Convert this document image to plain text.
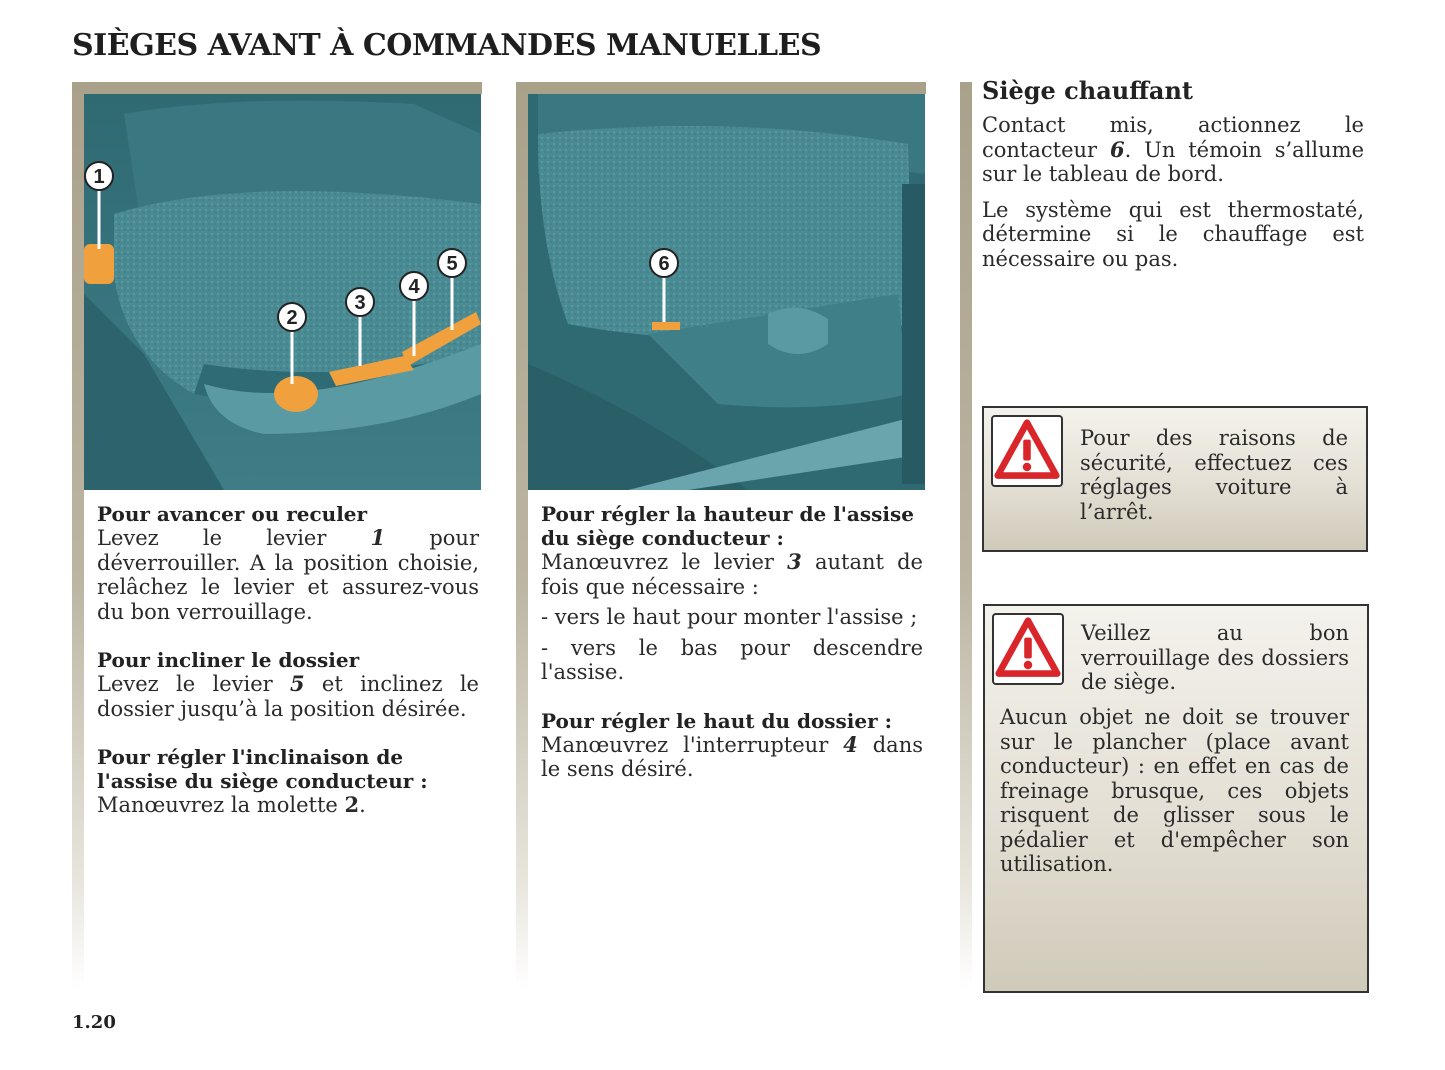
SIÈGES AVANT À COMMANDES MANUELLES
1
2
3
4
5
Pour avancer ou reculer

Levez le levier 1 pour déverrouiller. A la position choisie, relâchez le levier et assurez-vous du bon verrouillage.

Pour incliner le dossier

Levez le levier 5 et inclinez le dossier jusqu’à la position désirée.

Pour régler l'inclinaison de l'assise du siège conducteur :

Manœuvrez la molette 2.

6
Pour régler la hauteur de l'assise du siège conducteur :

Manœuvrez le levier 3 autant de fois que nécessaire :

- vers le haut pour monter l'assise ;

- vers le bas pour descendre l'assise.

Pour régler le haut du dossier :

Manœuvrez l'interrupteur 4 dans le sens désiré.

Siège chauffant

Contact mis, actionnez le contacteur 6. Un témoin s’allume sur le tableau de bord.

Le système qui est thermostaté, détermine si le chauffage est nécessaire ou pas.

Pour des raisons de sécurité, effectuez ces réglages voiture à l’arrêt.
Veillez au bon verrouillage des dossiers de siège.
Aucun objet ne doit se trouver sur le plancher (place avant conducteur) : en effet en cas de freinage brusque, ces objets risquent de glisser sous le pédalier et d'empêcher son utilisation.
1.20
